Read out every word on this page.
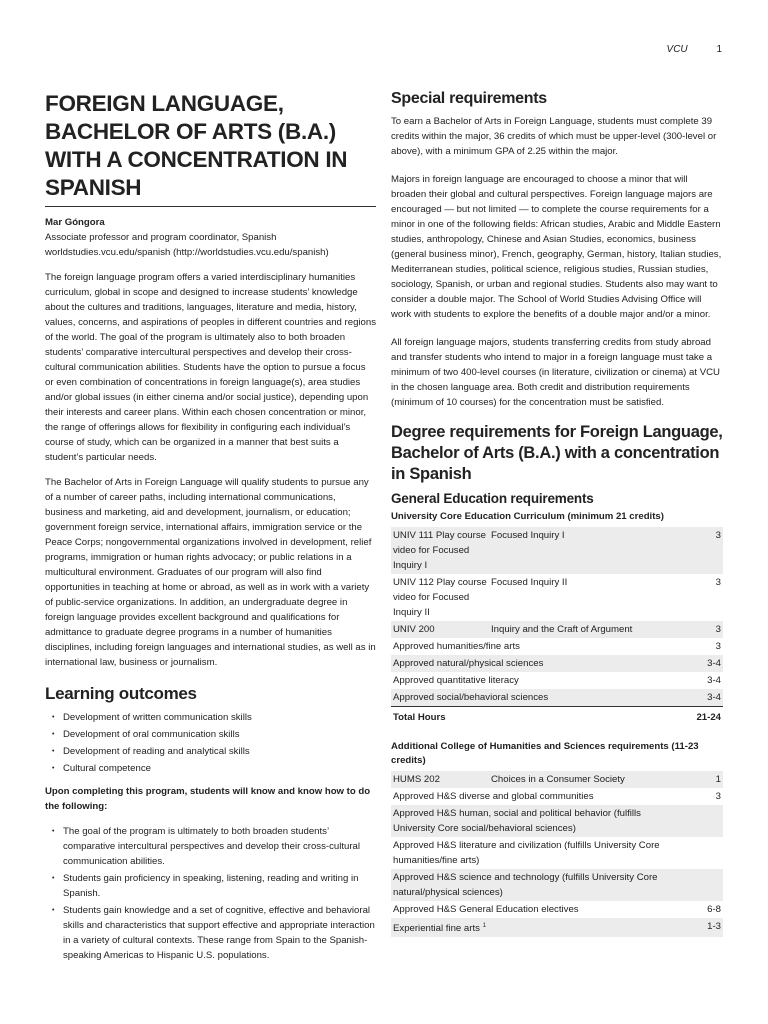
VCU	1
FOREIGN LANGUAGE, BACHELOR OF ARTS (B.A.) WITH A CONCENTRATION IN SPANISH

Mar Góngora

Associate professor and program coordinator, Spanish

worldstudies.vcu.edu/spanish (http://worldstudies.vcu.edu/spanish)

The foreign language program offers a varied interdisciplinary humanities curriculum, global in scope and designed to increase students’ knowledge about the cultures and traditions, languages, literature and media, history, values, concerns, and aspirations of peoples in different countries and regions of the world. The goal of the program is ultimately also to both broaden students’ comparative intercultural perspectives and develop their cross-cultural communication abilities. Students have the option to pursue a focus or even combination of concentrations in foreign language(s), area studies and/or global issues (in either cinema and/or social justice), depending upon their interests and career plans. Within each chosen concentration or minor, the range of offerings allows for flexibility in configuring each individual’s course of study, which can be organized in a manner that best suits a student’s particular needs.

The Bachelor of Arts in Foreign Language will qualify students to pursue any of a number of career paths, including international communications, business and marketing, aid and development, journalism, or education; government foreign service, international affairs, immigration service or the Peace Corps; nongovernmental organizations involved in development, relief programs, immigration or human rights advocacy; or public relations in a multicultural environment. Graduates of our program will also find opportunities in teaching at home or abroad, as well as in work with a variety of public-service organizations. In addition, an undergraduate degree in foreign language provides excellent background and qualifications for admittance to graduate degree programs in a number of humanities disciplines, including foreign languages and international studies, as well as in international law, business or journalism.

Learning outcomes
• Development of written communication skills
• Development of oral communication skills
• Development of reading and analytical skills
• Cultural competence

Upon completing this program, students will know and know how to do the following:

• The goal of the program is ultimately to both broaden students’ comparative intercultural perspectives and develop their cross-cultural communication abilities.
• Students gain proficiency in speaking, listening, reading and writing in Spanish.
• Students gain knowledge and a set of cognitive, effective and behavioral skills and characteristics that support effective and appropriate interaction in a variety of cultural contexts. These range from Spain to the Spanish-speaking Americas to Hispanic U.S. populations.
Special requirements

To earn a Bachelor of Arts in Foreign Language, students must complete 39 credits within the major, 36 credits of which must be upper-level (300-level or above), with a minimum GPA of 2.25 within the major.

Majors in foreign language are encouraged to choose a minor that will broaden their global and cultural perspectives. Foreign language majors are encouraged — but not limited — to complete the course requirements for a minor in one of the following fields: African studies, Arabic and Middle Eastern studies, anthropology, Chinese and Asian Studies, economics, business (general business minor), French, geography, German, history, Italian studies, Mediterranean studies, political science, religious studies, Russian studies, sociology, Spanish, or urban and regional studies. Students also may want to consider a double major. The School of World Studies Advising Office will work with students to explore the benefits of a double major and/or a minor.

All foreign language majors, students transferring credits from study abroad and transfer students who intend to major in a foreign language must take a minimum of two 400-level courses (in literature, civilization or cinema) at VCU in the chosen language area. Both credit and distribution requirements (minimum of 10 courses) for the concentration must be satisfied.

Degree requirements for Foreign Language, Bachelor of Arts (B.A.) with a concentration in Spanish
General Education requirements
University Core Education Curriculum (minimum 21 credits)
UNIV 111 Play course video for Focused Inquiry I	Focused Inquiry I	3
UNIV 112 Play course video for Focused Inquiry II	Focused Inquiry II	3
UNIV 200	Inquiry and the Craft of Argument	3
Approved humanities/fine arts		3
Approved natural/physical sciences		3-4
Approved quantitative literacy		3-4
Approved social/behavioral sciences		3-4
Total Hours		21-24
Additional College of Humanities and Sciences requirements (11-23 credits)
HUMS 202	Choices in a Consumer Society	1
Approved H&S diverse and global communities		3
Approved H&S human, social and political behavior (fulfills University Core social/behavioral sciences)		
Approved H&S literature and civilization (fulfills University Core humanities/fine arts)		
Approved H&S science and technology (fulfills University Core natural/physical sciences)		
Approved H&S General Education electives		6-8
Experiential fine arts $^1$		1-3
